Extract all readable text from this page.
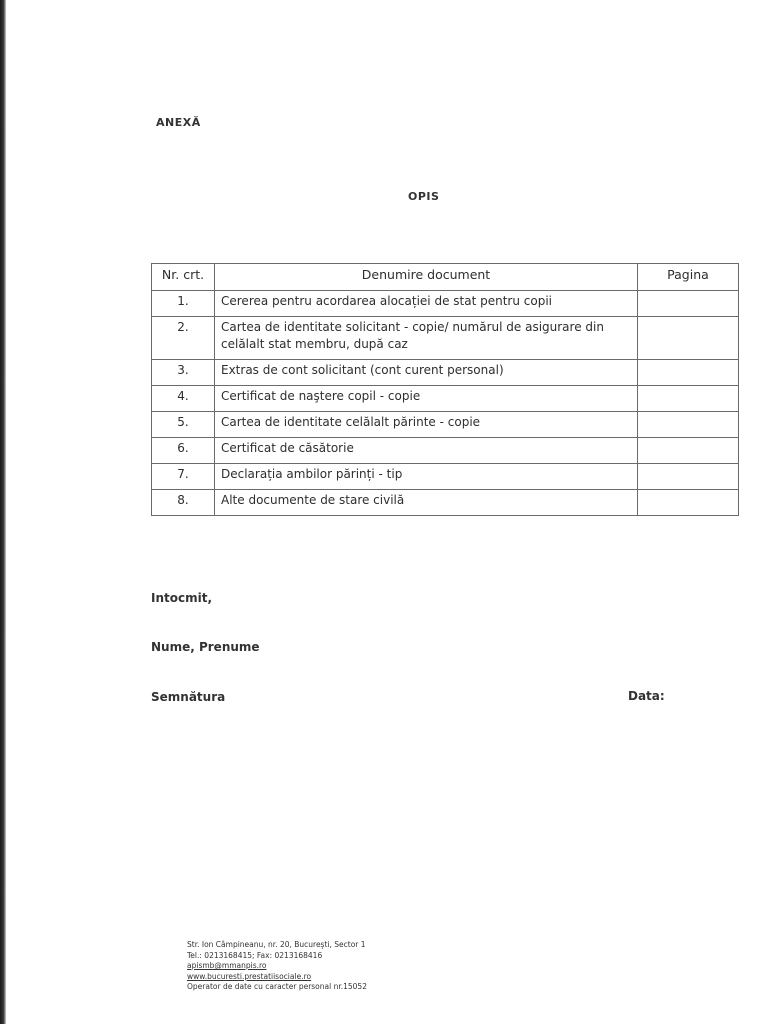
ANEXĂ
OPIS
Nr. crt.	Denumire document	Pagina
1.	Cererea pentru acordarea alocației de stat pentru copii	
2.	Cartea de identitate solicitant - copie/ numărul de asigurare din celălalt stat membru, după caz	
3.	Extras de cont solicitant (cont curent personal)	
4.	Certificat de naştere copil - copie	
5.	Cartea de identitate celălalt părinte - copie	
6.	Certificat de căsătorie	
7.	Declarația ambilor părinți - tip	
8.	Alte documente de stare civilă	
Intocmit,
Nume, Prenume
Semnătura	Data:
Str. Ion Câmpineanu, nr. 20, Bucureşti, Sector 1
Tel.: 0213168415; Fax: 0213168416
apismb@mmanpis.ro
www.bucuresti.prestatiisociale.ro
Operator de date cu caracter personal nr.15052
